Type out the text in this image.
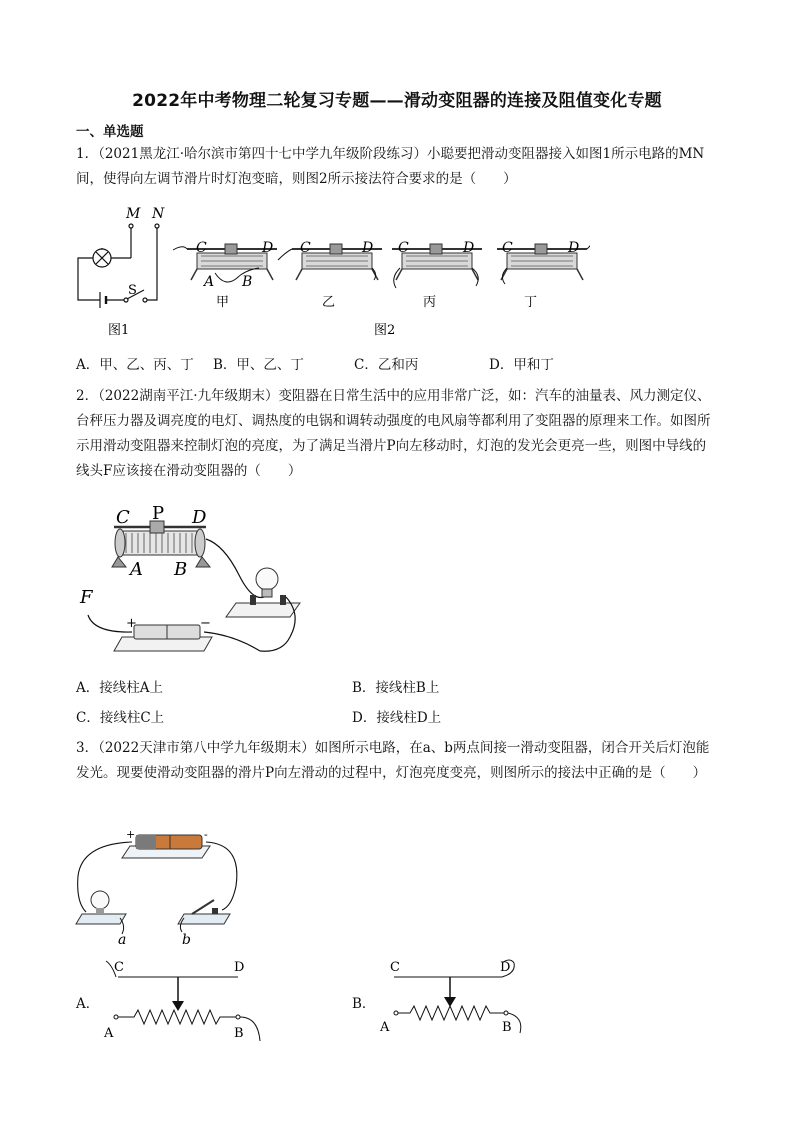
2022年中考物理二轮复习专题——滑动变阻器的连接及阻值变化专题
一、单选题
1．（2021黑龙江·哈尔滨市第四十七中学九年级阶段练习）小聪要把滑动变阻器接入如图1所示电路的MN间，使得向左调节滑片时灯泡变暗，则图2所示接法符合要求的是（　　）
M N
S
图1
C	D
A B
C	D C	D C	D
甲	乙	丙	丁
图2
A．甲、乙、丙、丁 B．甲、乙、丁	C．乙和丙	D．甲和丁
2．（2022湖南平江·九年级期末）变阻器在日常生活中的应用非常广泛，如：汽车的油量表、风力测定仪、台秤压力器及调亮度的电灯、调热度的电锅和调转动强度的电风扇等都利用了变阻器的原理来工作。如图所示用滑动变阻器来控制灯泡的亮度，为了满足当滑片P向左移动时，灯泡的发光会更亮一些，则图中导线的线头F应该接在滑动变阻器的（　　）
C P D
A B
F
+	−
A．接线柱A上	B．接线柱B上
C．接线柱C上	D．接线柱D上
3．（2022天津市第八中学九年级期末）如图所示电路，在a、b两点间接一滑动变阻器，闭合开关后灯泡能发光。现要使滑动变阻器的滑片P向左滑动的过程中，灯泡亮度变亮，则图所示的接法中正确的是（　　）
+	-
a	b
A．
C	D
A	B
B．
C	D
A	B
